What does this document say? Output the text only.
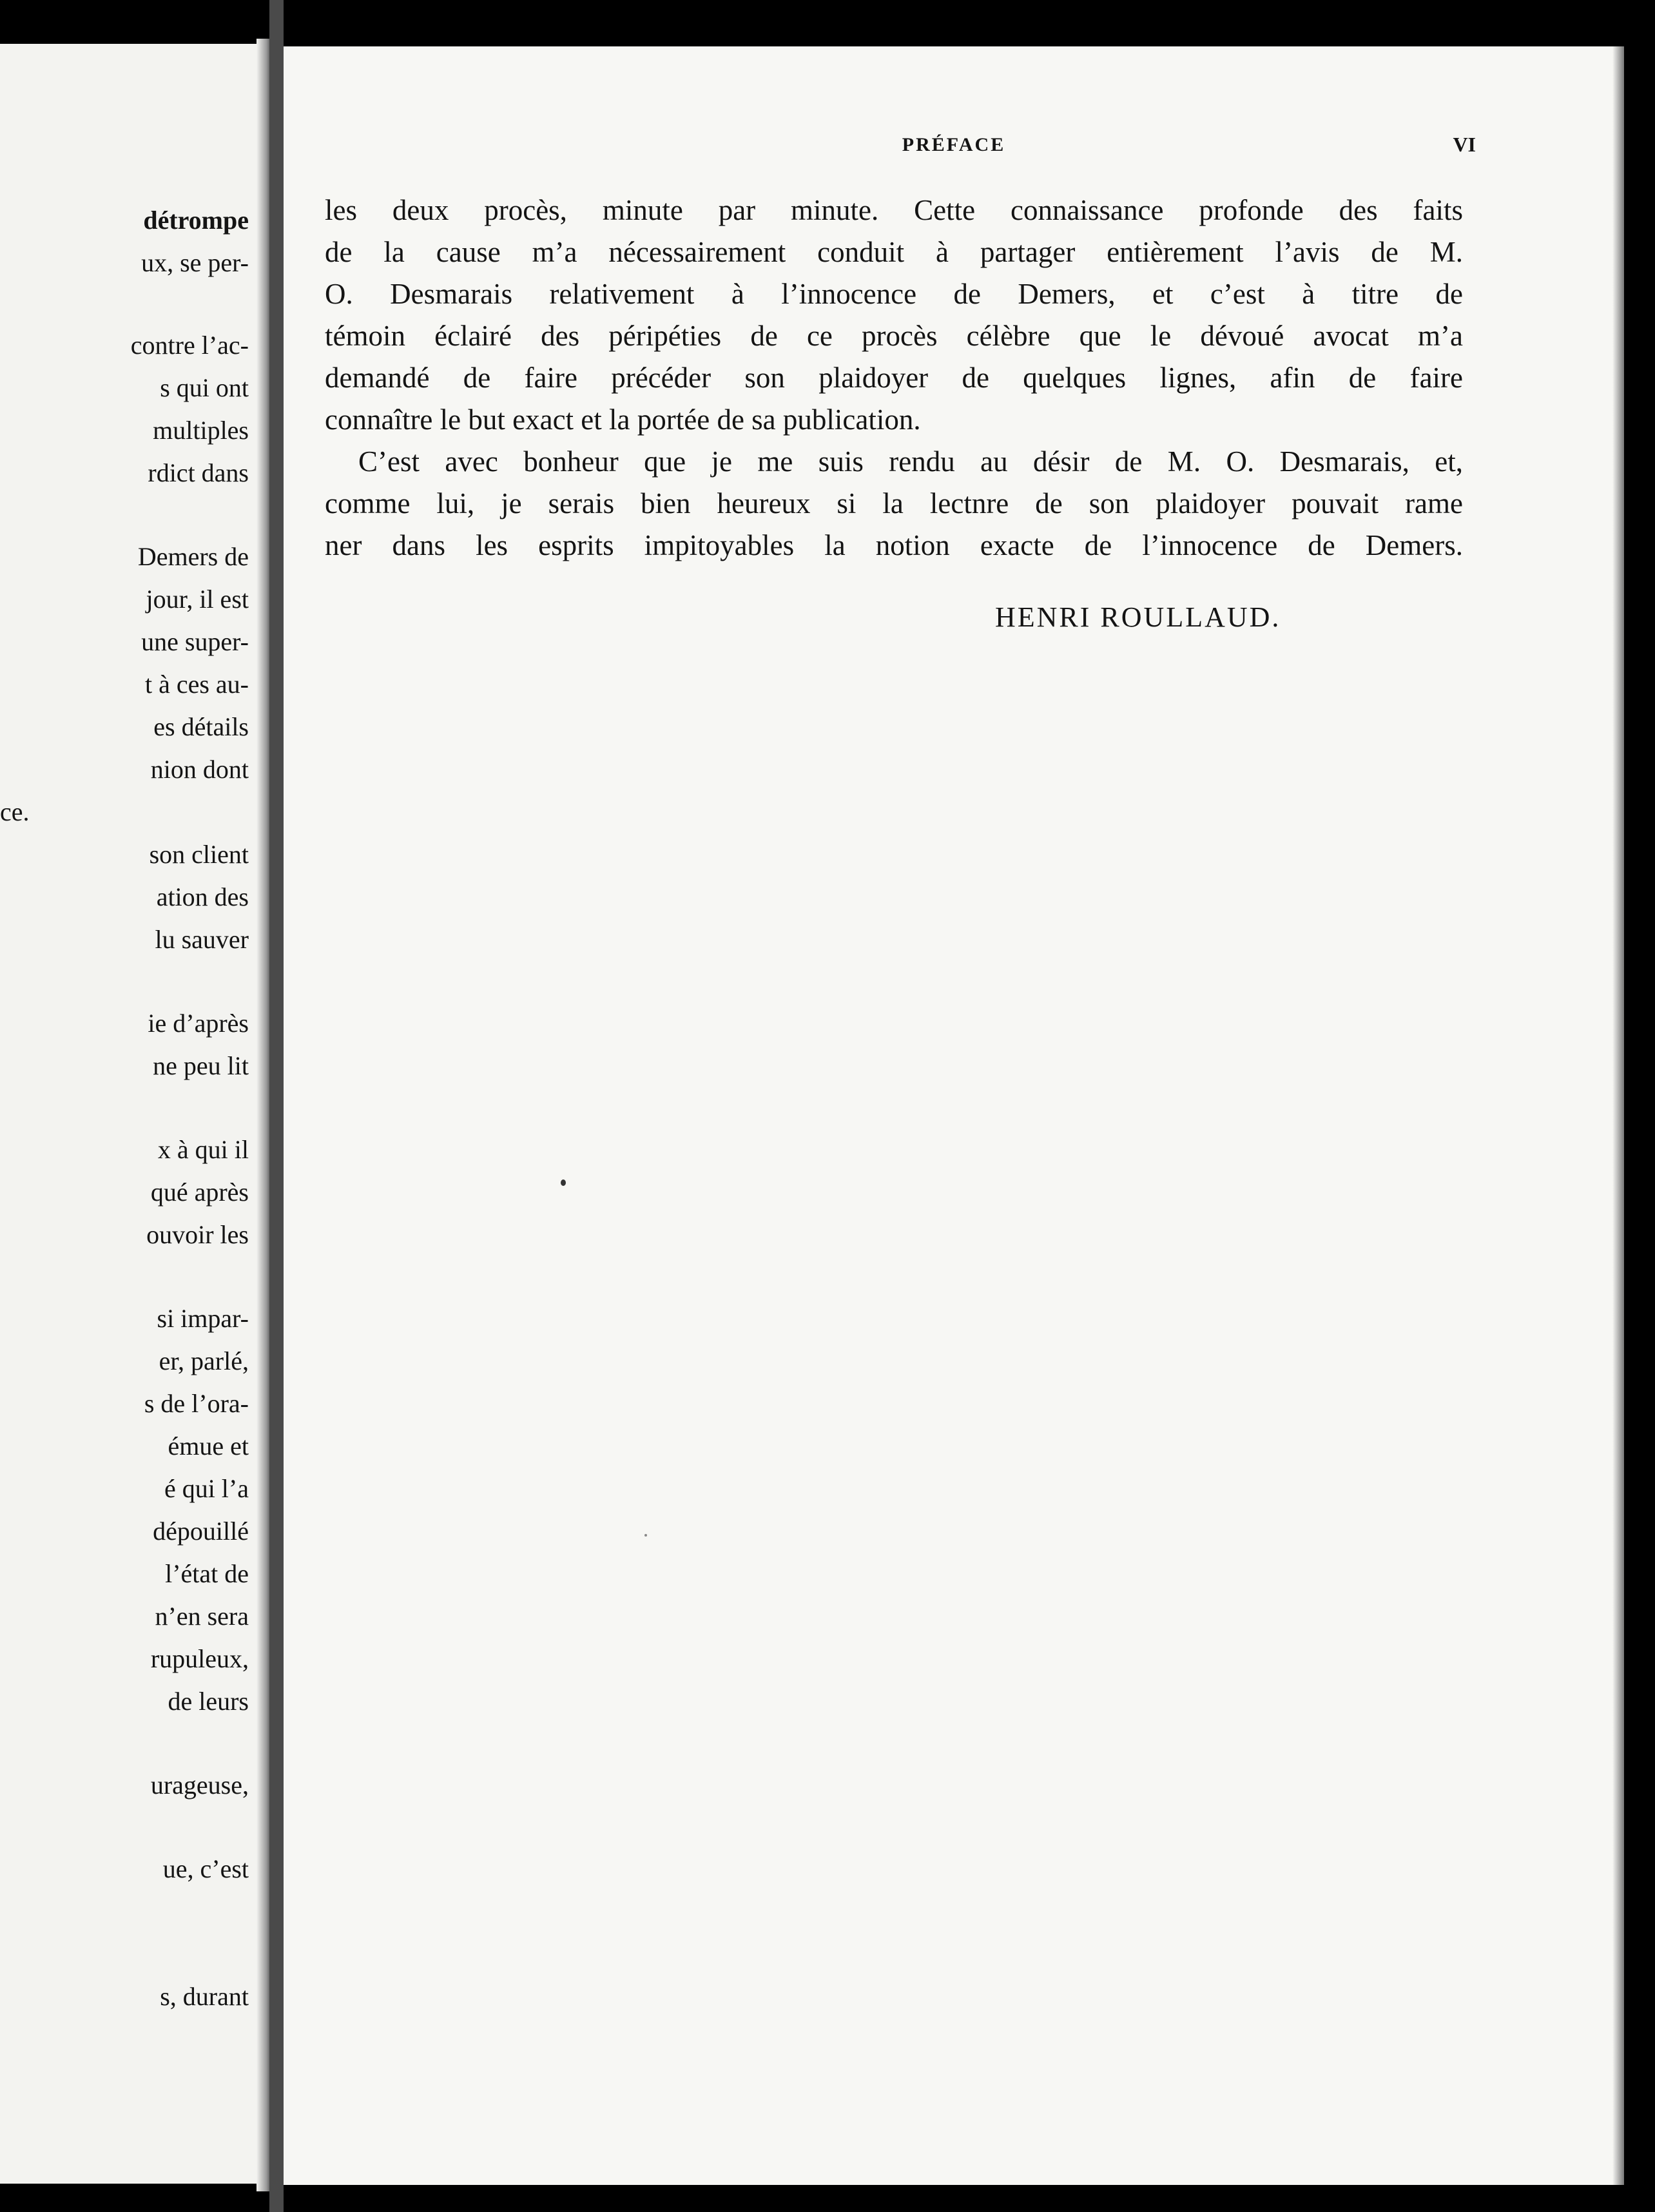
détrompe
ux, se per-
contre l’ac-
s qui ont
multiples
rdict dans
Demers de
jour, il est
une super-
t à ces au-
es détails
nion dont
ce.
son client
ation des
lu sauver
ie d’après
ne peu lit
x à qui il
qué après
ouvoir les
si impar-
er, parlé,
s de l’ora-
émue et
é qui l’a
dépouillé
l’état de
n’en sera
rupuleux,
de leurs
urageuse,
ue, c’est
s, durant
PRÉFACE	VI

les deux procès, minute par minute. Cette connaissance profonde des faits

de la cause m’a nécessairement conduit à partager entièrement l’avis de M.

O. Desmarais relativement à l’innocence de Demers, et c’est à titre de

témoin éclairé des péripéties de ce procès célèbre que le dévoué avocat m’a

demandé de faire précéder son plaidoyer de quelques lignes, afin de faire

connaître le but exact et la portée de sa publication.

C’est avec bonheur que je me suis rendu au désir de M. O. Desmarais, et,

comme lui, je serais bien heureux si la lectnre de son plaidoyer pouvait rame

ner dans les esprits impitoyables la notion exacte de l’innocence de Demers.

HENRI ROULLAUD.
